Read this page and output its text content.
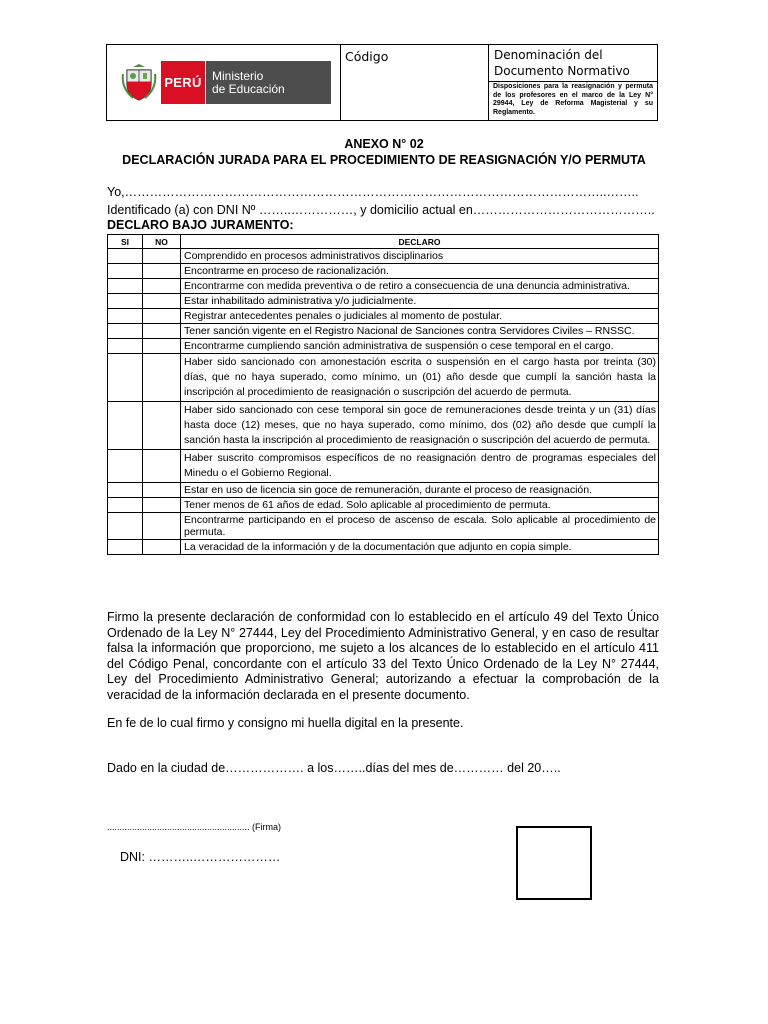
PERÚ Ministerio
de Educación
Código	Denominación del
Documento Normativo
Disposiciones para la reasignación y permuta de los profesores en el marco de la Ley N° 29944, Ley de Reforma Magisterial y su Reglamento.
ANEXO N° 02
DECLARACIÓN JURADA PARA EL PROCEDIMIENTO DE REASIGNACIÓN Y/O PERMUTA
Yo,……………………………………………………………………………………………………..……..
Identificado (a) con DNI Nº ……..……………, y domicilio actual en……………………………………..
DECLARO BAJO JURAMENTO:
SI	NO	DECLARO
		Comprendido en procesos administrativos disciplinarios
		Encontrarme en proceso de racionalización.
		Encontrarme con medida preventiva o de retiro a consecuencia de una denuncia administrativa.
		Estar inhabilitado administrativa y/o judicialmente.
		Registrar antecedentes penales o judiciales al momento de postular.
		Tener sanción vigente en el Registro Nacional de Sanciones contra Servidores Civiles – RNSSC.
		Encontrarme cumpliendo sanción administrativa de suspensión o cese temporal en el cargo.
		Haber sido sancionado con amonestación escrita o suspensión en el cargo hasta por treinta (30) días, que no haya superado, como mínimo, un (01) año desde que cumplí la sanción hasta la inscripción al procedimiento de reasignación o suscripción del acuerdo de permuta.
		Haber sido sancionado con cese temporal sin goce de remuneraciones desde treinta y un (31) días hasta doce (12) meses, que no haya superado, como mínimo, dos (02) año desde que cumplí la sanción hasta la inscripción al procedimiento de reasignación o suscripción del acuerdo de permuta.
		Haber suscrito compromisos específicos de no reasignación dentro de programas especiales del Minedu o el Gobierno Regional.
		Estar en uso de licencia sin goce de remuneración, durante el proceso de reasignación.
		Tener menos de 61 años de edad. Solo aplicable al procedimiento de permuta.
		Encontrarme participando en el proceso de ascenso de escala. Solo aplicable al procedimiento de permuta.
		La veracidad de la información y de la documentación que adjunto en copia simple.
Firmo la presente declaración de conformidad con lo establecido en el artículo 49 del Texto Único Ordenado de la Ley N° 27444, Ley del Procedimiento Administrativo General, y en caso de resultar falsa la información que proporciono, me sujeto a los alcances de lo establecido en el artículo 411 del Código Penal, concordante con el artículo 33 del Texto Único Ordenado de la Ley N° 27444, Ley del Procedimiento Administrativo General; autorizando a efectuar la comprobación de la veracidad de la información declarada en el presente documento.
En fe de lo cual firmo y consigno mi huella digital en la presente.
Dado en la ciudad de………………. a los……..días del mes de………… del 20…..
......................................................... (Firma)
DNI: ………..…………………
